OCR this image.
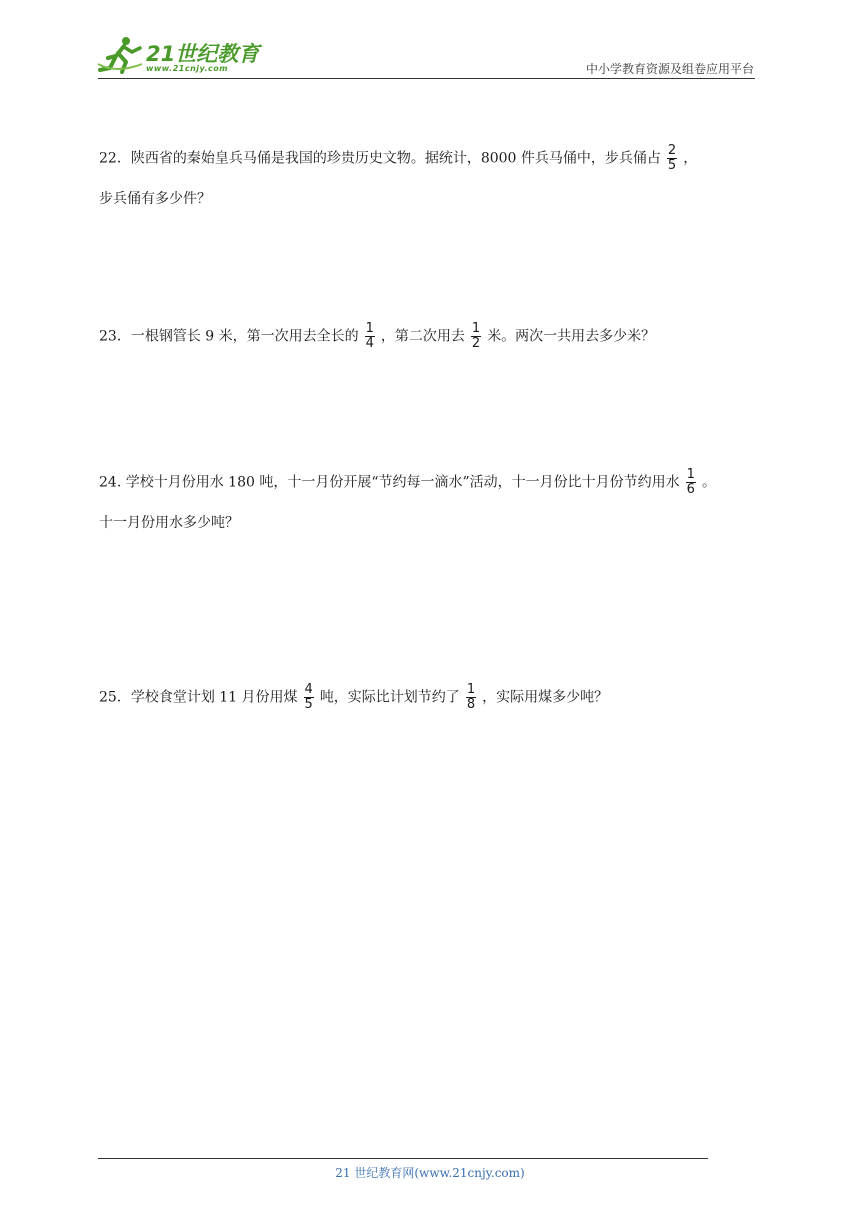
21世纪教育
www.21cnjy.com	中小学教育资源及组卷应用平台
22．陕西省的秦始皇兵马俑是我国的珍贵历史文物。据统计，8000 件兵马俑中，步兵俑占 $\frac{2}{5}$ ，
步兵俑有多少件？
23．一根钢管长 9 米，第一次用去全长的 $\frac{1}{4}$ ，第二次用去 $\frac{1}{2}$ 米。两次一共用去多少米？
24. 学校十月份用水 180 吨，十一月份开展“节约每一滴水”活动，十一月份比十月份节约用水 $\frac{1}{6}$ 。
十一月份用水多少吨？
25．学校食堂计划 11 月份用煤 $\frac{4}{5}$ 吨，实际比计划节约了 $\frac{1}{8}$ ，实际用煤多少吨？
21 世纪教育网(www.21cnjy.com)
